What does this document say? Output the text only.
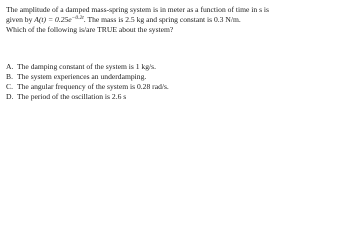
The amplitude of a damped mass-spring system is in meter as a function of time in s is
given by $A(t) = 0.25e^{-0.2t}$. The mass is 2.5 kg and spring constant is 0.3 N/m.
Which of the following is/are TRUE about the system?
A. The damping constant of the system is 1 kg/s.
B. The system experiences an underdamping.
C. The angular frequency of the system is 0.28 rad/s.
D. The period of the oscillation is 2.6 s
